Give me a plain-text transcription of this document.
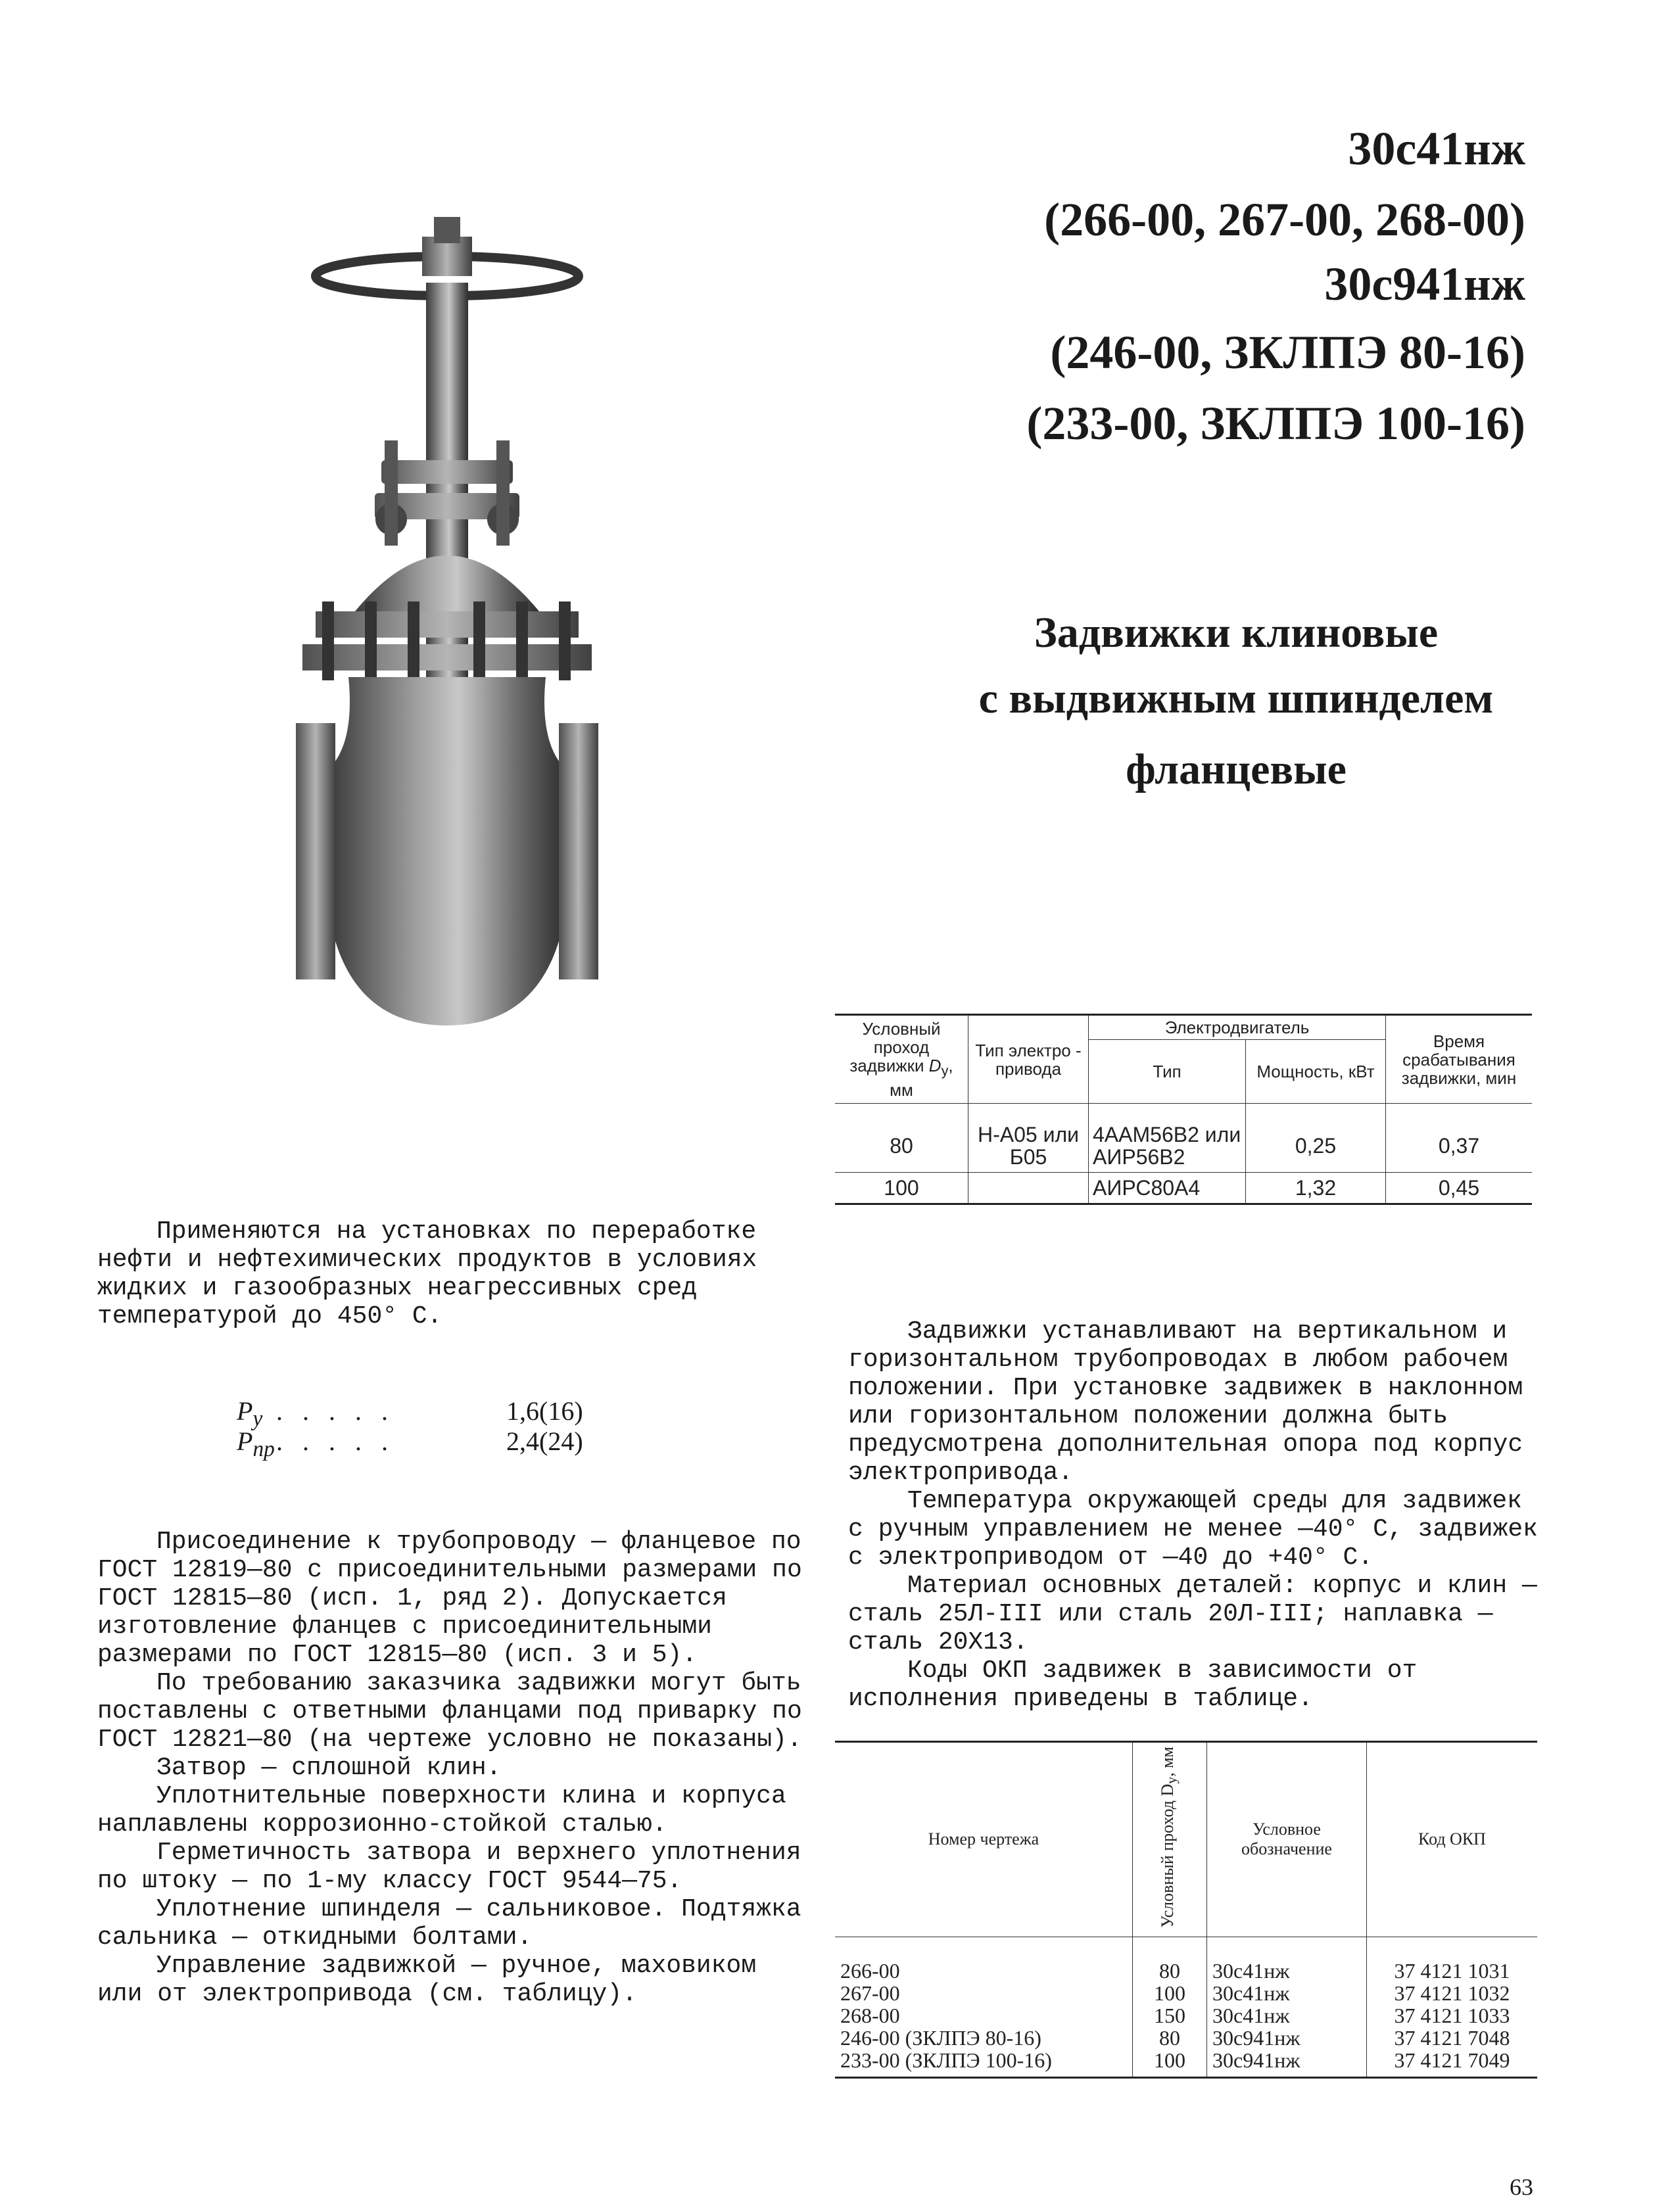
30с41нж
(266-00, 267-00, 268-00)
30с941нж
(246-00, ЗКЛПЭ 80-16)
(233-00, ЗКЛПЭ 100-16)
Задвижки клиновые
с выдвижным шпинделем
фланцевые

Применяются на установках по переработке нефти и нефтехимических продуктов в условиях жидких и газообразных неагрессивных сред температурой до 450° С.

$P_у$ . . . . .	1,6(16)
$P_{пр}$. . . . .	2,4(24)

Присоединение к трубопроводу — фланцевое по ГОСТ 12819—80 с присоединительными размерами по ГОСТ 12815—80 (исп. 1, ряд 2). Допускается изготовление фланцев с присоединительными размерами по ГОСТ 12815—80 (исп. 3 и 5).

По требованию заказчика задвижки могут быть поставлены с ответными фланцами под приварку по ГОСТ 12821—80 (на чертеже условно не показаны).

Затвор — сплошной клин.

Уплотнительные поверхности клина и корпуса наплавлены коррозионно-стойкой сталью.

Герметичность затвора и верхнего уплотнения по штоку — по 1-му классу ГОСТ 9544—75.

Уплотнение шпинделя — сальниковое. Подтяжка сальника — откидными болтами.

Управление задвижкой — ручное, маховиком или от электропривода (см. таблицу).

Условный проход задвижки $D_у$, мм	Тип электро - привода	Электродвигатель		Время срабатывания задвижки, мин
		Тип	Мощность, кВт	
80	Н-А05 или Б05	4ААМ56В2 или АИР56В2	0,25	0,37
100		АИРС80А4	1,32	0,45

Задвижки устанавливают на вертикальном и горизонтальном трубопроводах в любом рабочем положении. При установке задвижек в наклонном или горизонтальном положении должна быть предусмотрена дополнительная опора под корпус электропривода.

Температура окружающей среды для задвижек с ручным управлением не менее —40° С, задвижек с электроприводом от —40 до +40° С.

Материал основных деталей: корпус и клин — сталь 25Л-III или сталь 20Л-III; наплавка — сталь 20Х13.

Коды ОКП задвижек в зависимости от исполнения приведены в таблице.

Номер чертежа	Условный проход $D_у$, мм	Условное обозначение	Код ОКП
266-00	80	30с41нж	37 4121 1031
267-00	100	30с41нж	37 4121 1032
268-00	150	30с41нж	37 4121 1033
246-00 (ЗКЛПЭ 80-16)	80	30с941нж	37 4121 7048
233-00 (ЗКЛПЭ 100-16)	100	30с941нж	37 4121 7049
63
